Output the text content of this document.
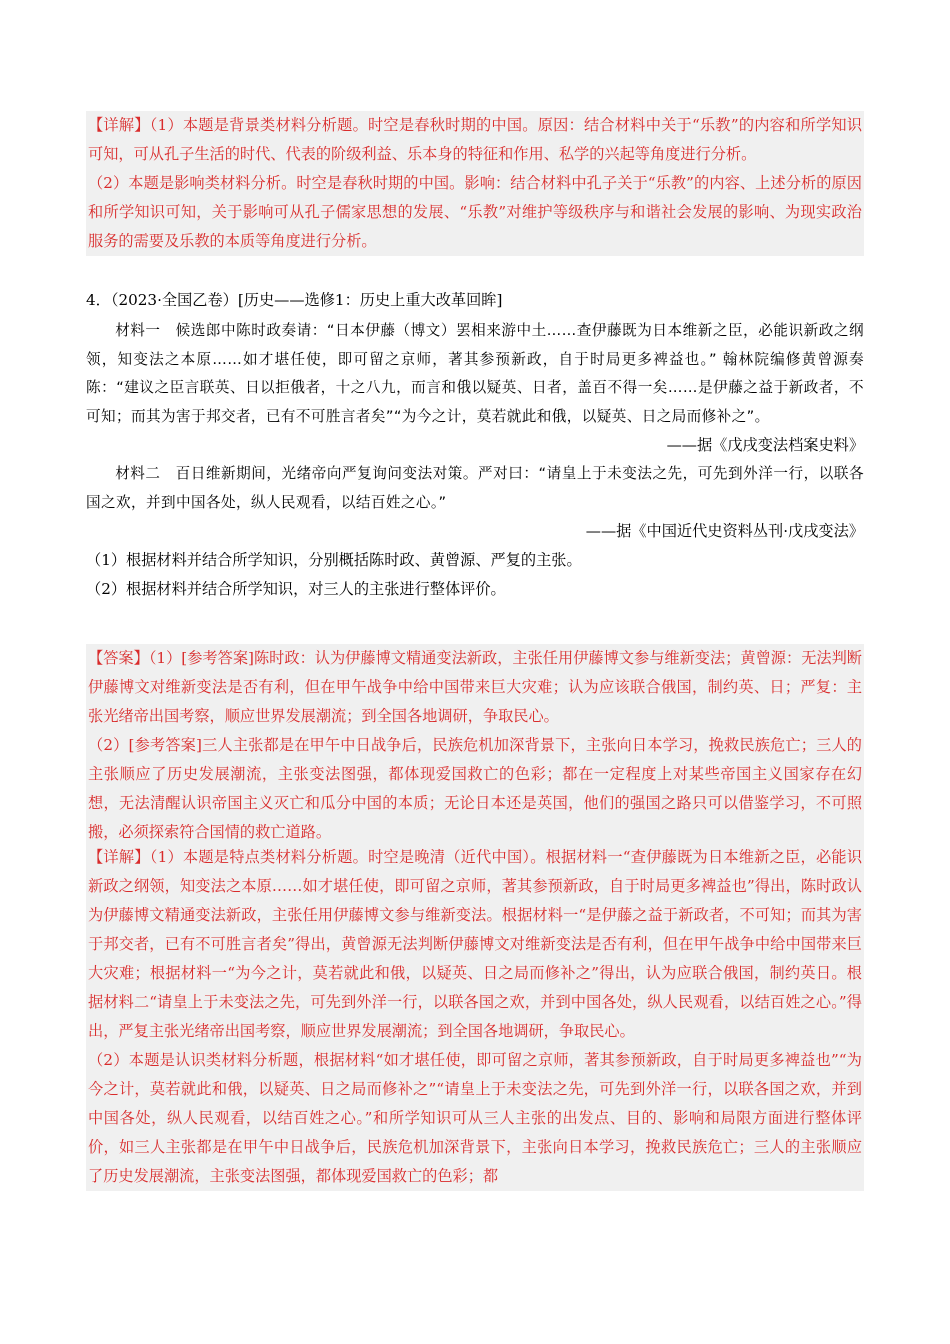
【详解】（1）本题是背景类材料分析题。时空是春秋时期的中国。原因：结合材料中关于“乐教”的内容和所学知识可知，可从孔子生活的时代、代表的阶级利益、乐本身的特征和作用、私学的兴起等角度进行分析。

（2）本题是影响类材料分析。时空是春秋时期的中国。影响：结合材料中孔子关于“乐教”的内容、上述分析的原因和所学知识可知，关于影响可从孔子儒家思想的发展、“乐教”对维护等级秩序与和谐社会发展的影响、为现实政治服务的需要及乐教的本质等角度进行分析。

4．（2023·全国乙卷）[历史——选修1：历史上重大改革回眸]

材料一　候选郎中陈时政奏请：“日本伊藤（博文）罢相来游中土……查伊藤既为日本维新之臣，必能识新政之纲领，知变法之本原……如才堪任使，即可留之京师，著其参预新政，自于时局更多裨益也。” 翰林院编修黄曾源奏陈：“建议之臣言联英、日以拒俄者，十之八九，而言和俄以疑英、日者，盖百不得一矣……是伊藤之益于新政者，不可知；而其为害于邦交者，已有不可胜言者矣”“为今之计，莫若就此和俄，以疑英、日之局而修补之”。

——据《戊戌变法档案史料》

材料二　百日维新期间，光绪帝向严复询问变法对策。严对曰：“请皇上于未变法之先，可先到外洋一行，以联各国之欢，并到中国各处，纵人民观看，以结百姓之心。”

——据《中国近代史资料丛刊·戊戌变法》

（1）根据材料并结合所学知识，分别概括陈时政、黄曾源、严复的主张。

（2）根据材料并结合所学知识，对三人的主张进行整体评价。

【答案】（1）[参考答案]陈时政：认为伊藤博文精通变法新政，主张任用伊藤博文参与维新变法；黄曾源：无法判断伊藤博文对维新变法是否有利，但在甲午战争中给中国带来巨大灾难；认为应该联合俄国，制约英、日；严复：主张光绪帝出国考察，顺应世界发展潮流；到全国各地调研，争取民心。

（2）[参考答案]三人主张都是在甲午中日战争后，民族危机加深背景下，主张向日本学习，挽救民族危亡；三人的主张顺应了历史发展潮流，主张变法图强，都体现爱国救亡的色彩；都在一定程度上对某些帝国主义国家存在幻想，无法清醒认识帝国主义灭亡和瓜分中国的本质；无论日本还是英国，他们的强国之路只可以借鉴学习，不可照搬，必须探索符合国情的救亡道路。

【详解】（1）本题是特点类材料分析题。时空是晚清（近代中国）。根据材料一“查伊藤既为日本维新之臣，必能识新政之纲领，知变法之本原……如才堪任使，即可留之京师，著其参预新政，自于时局更多裨益也”得出，陈时政认为伊藤博文精通变法新政，主张任用伊藤博文参与维新变法。根据材料一“是伊藤之益于新政者，不可知；而其为害于邦交者，已有不可胜言者矣”得出，黄曾源无法判断伊藤博文对维新变法是否有利，但在甲午战争中给中国带来巨大灾难；根据材料一“为今之计，莫若就此和俄，以疑英、日之局而修补之”得出，认为应联合俄国，制约英日。根据材料二“请皇上于未变法之先，可先到外洋一行，以联各国之欢，并到中国各处，纵人民观看，以结百姓之心。”得出，严复主张光绪帝出国考察，顺应世界发展潮流；到全国各地调研，争取民心。

（2）本题是认识类材料分析题，根据材料“如才堪任使，即可留之京师，著其参预新政，自于时局更多裨益也”“为今之计，莫若就此和俄，以疑英、日之局而修补之”“请皇上于未变法之先，可先到外洋一行，以联各国之欢，并到中国各处，纵人民观看，以结百姓之心。”和所学知识可从三人主张的出发点、目的、影响和局限方面进行整体评价，如三人主张都是在甲午中日战争后，民族危机加深背景下，主张向日本学习，挽救民族危亡；三人的主张顺应了历史发展潮流，主张变法图强，都体现爱国救亡的色彩；都
